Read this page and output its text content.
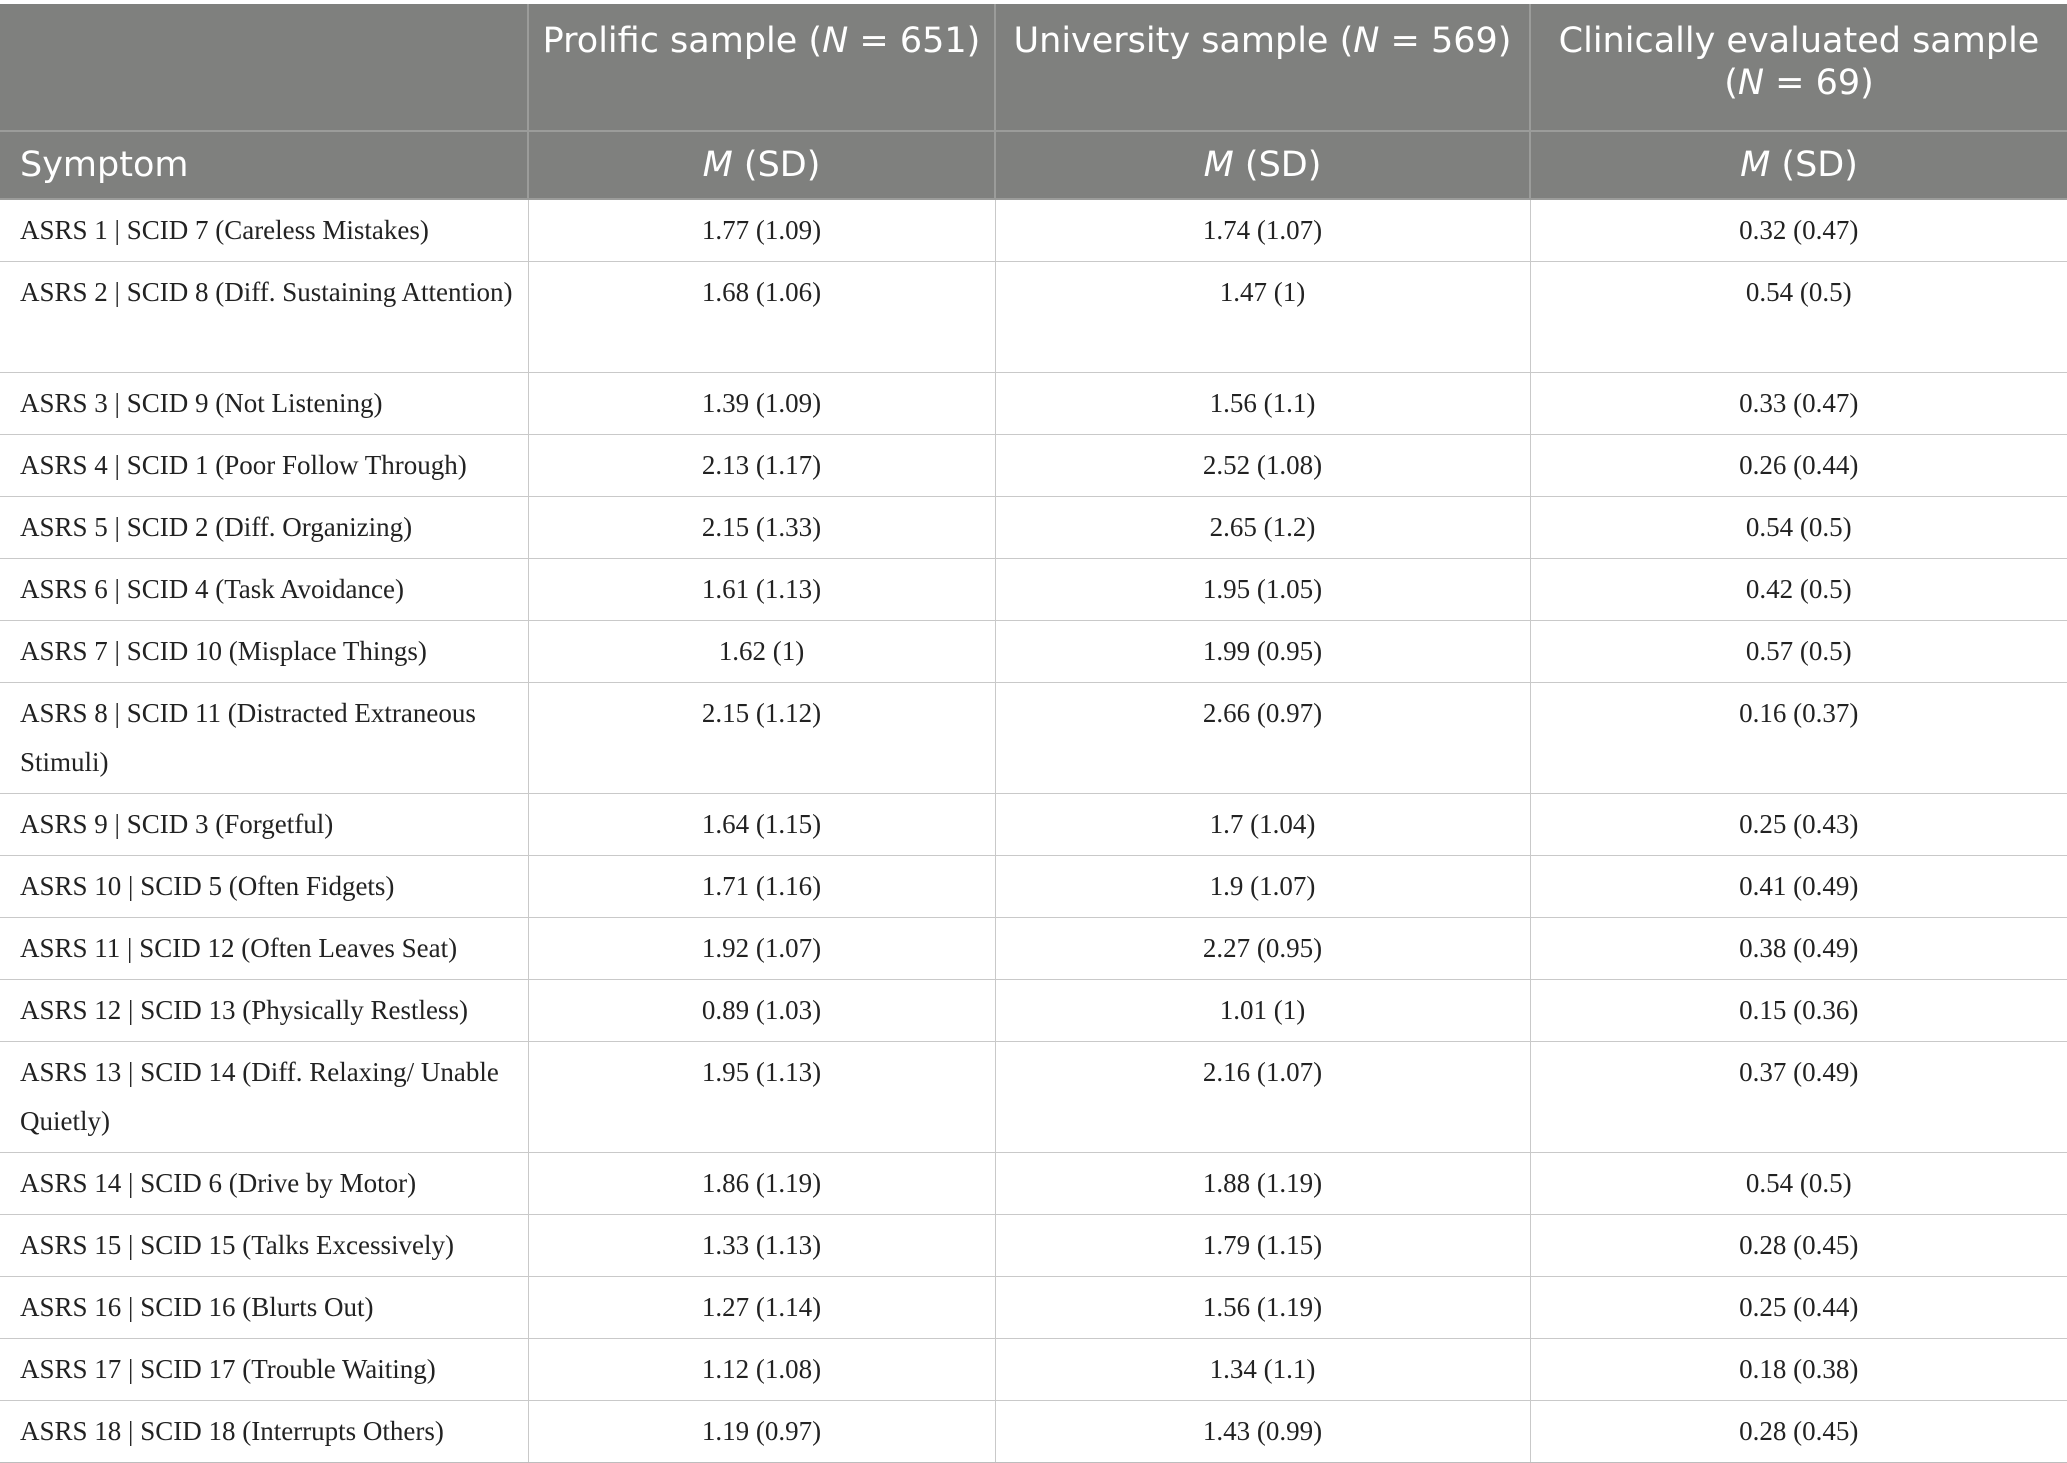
	Prolific sample (N = 651)	University sample (N = 569)	Clinically evaluated sample
(N = 69)
Symptom	M (SD)	M (SD)	M (SD)
ASRS 1 | SCID 7 (Careless Mistakes)	1.77 (1.09)	1.74 (1.07)	0.32 (0.47)
ASRS 2 | SCID 8 (Diff. Sustaining Attention)	1.68 (1.06)	1.47 (1)	0.54 (0.5)
ASRS 3 | SCID 9 (Not Listening)	1.39 (1.09)	1.56 (1.1)	0.33 (0.47)
ASRS 4 | SCID 1 (Poor Follow Through)	2.13 (1.17)	2.52 (1.08)	0.26 (0.44)
ASRS 5 | SCID 2 (Diff. Organizing)	2.15 (1.33)	2.65 (1.2)	0.54 (0.5)
ASRS 6 | SCID 4 (Task Avoidance)	1.61 (1.13)	1.95 (1.05)	0.42 (0.5)
ASRS 7 | SCID 10 (Misplace Things)	1.62 (1)	1.99 (0.95)	0.57 (0.5)
ASRS 8 | SCID 11 (Distracted Extraneous Stimuli)	2.15 (1.12)	2.66 (0.97)	0.16 (0.37)
ASRS 9 | SCID 3 (Forgetful)	1.64 (1.15)	1.7 (1.04)	0.25 (0.43)
ASRS 10 | SCID 5 (Often Fidgets)	1.71 (1.16)	1.9 (1.07)	0.41 (0.49)
ASRS 11 | SCID 12 (Often Leaves Seat)	1.92 (1.07)	2.27 (0.95)	0.38 (0.49)
ASRS 12 | SCID 13 (Physically Restless)	0.89 (1.03)	1.01 (1)	0.15 (0.36)
ASRS 13 | SCID 14 (Diff. Relaxing/ Unable Quietly)	1.95 (1.13)	2.16 (1.07)	0.37 (0.49)
ASRS 14 | SCID 6 (Drive by Motor)	1.86 (1.19)	1.88 (1.19)	0.54 (0.5)
ASRS 15 | SCID 15 (Talks Excessively)	1.33 (1.13)	1.79 (1.15)	0.28 (0.45)
ASRS 16 | SCID 16 (Blurts Out)	1.27 (1.14)	1.56 (1.19)	0.25 (0.44)
ASRS 17 | SCID 17 (Trouble Waiting)	1.12 (1.08)	1.34 (1.1)	0.18 (0.38)
ASRS 18 | SCID 18 (Interrupts Others)	1.19 (0.97)	1.43 (0.99)	0.28 (0.45)
